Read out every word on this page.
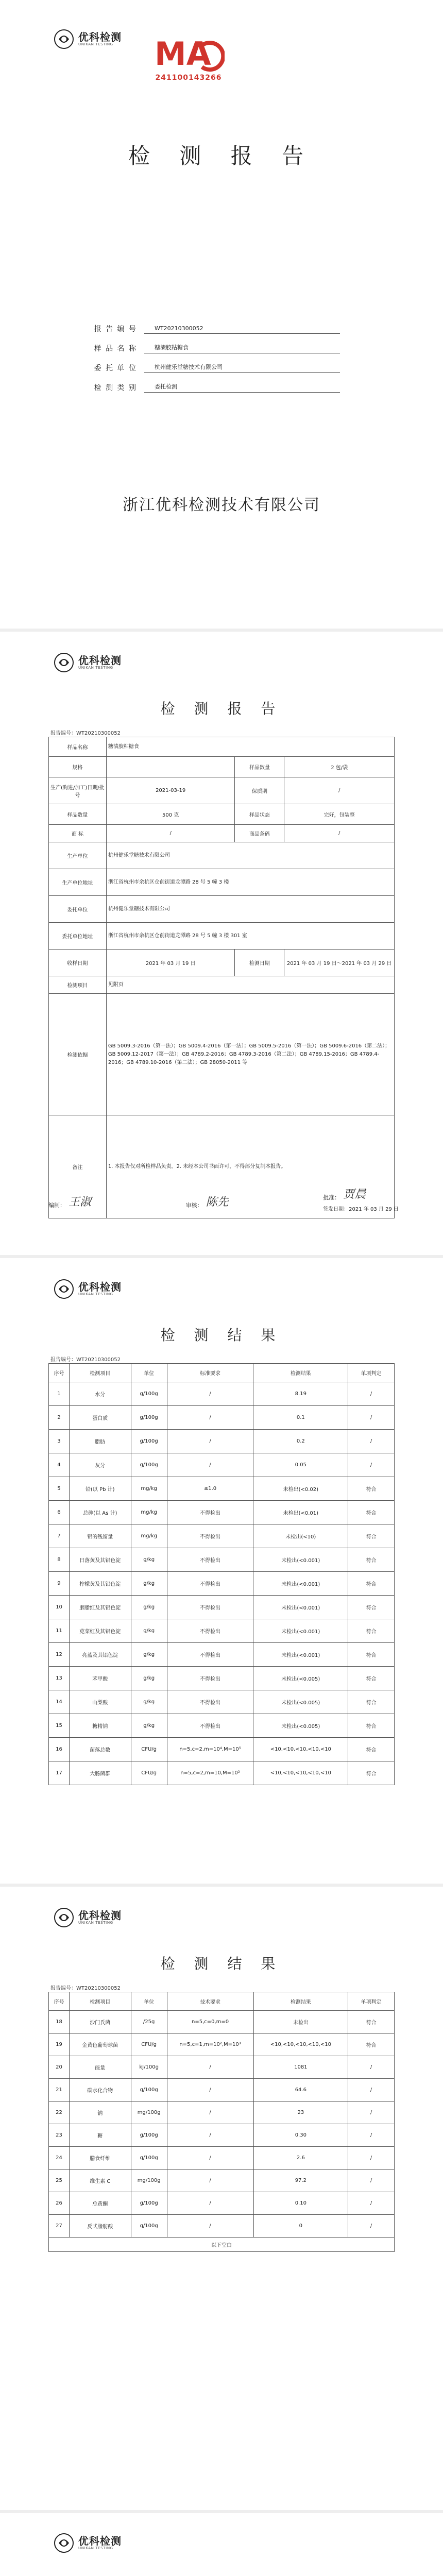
优科检测
UNIKAN TESTING MA
241100143266
检 测 报 告
报 告 编 号	WT20210300052
样 品 名 称	糖渍胶粘糖食
委 托 单 位	杭州健乐堂糖技术有限公司
检 测 类 别	委托检测
浙江优科检测技术有限公司
优科检测
UNIKAN TESTING
检 测 报 告
报告编号：WT20210300052
样品名称	糖渍胶粘糖食		
规格		样品数量	2 包/袋
生产(购进/加工)日期/批号	2021-03-19	保质期	/
样品数量	500 克	样品状态	完好，包装整
商 标	/	商品条码	/
生产单位	杭州健乐堂糖技术有限公司		
生产单位地址	浙江省杭州市余杭区仓前街道龙潭路 28 号 5 幢 3 楼		
委托单位	杭州健乐堂糖技术有限公司		
委托单位地址	浙江省杭州市余杭区仓前街道龙潭路 28 号 5 幢 3 楼 301 室		
收样日期	2021 年 03 月 19 日	检测日期	2021 年 03 月 19 日～2021 年 03 月 29 日
检测项目	见附页		
检测依据	GB 5009.3-2016（第一法）；GB 5009.4-2016（第一法）；GB 5009.5-2016（第一法）；GB 5009.6-2016（第二法）；GB 5009.12-2017（第一法）；GB 4789.2-2016；GB 4789.3-2016（第二法）；GB 4789.15-2016；GB 4789.4-2016；GB 4789.10-2016（第二法）；GB 28050-2011 等		
备注	1. 本报告仅对所检样品负责。2. 未经本公司书面许可，不得部分复制本报告。		
编制： 王淑	审核： 陈先	批准： 贾晨
签发日期：2021 年 03 月 29 日
优科检测
UNIKAN TESTING
检 测 结 果
报告编号：WT20210300052
序号	检测项目	单位	标准要求	检测结果	单项判定
1	水分	g/100g	/	8.19	/
2	蛋白质	g/100g	/	0.1	/
3	脂肪	g/100g	/	0.2	/
4	灰分	g/100g	/	0.05	/
5	铅(以 Pb 计)	mg/kg	≤1.0	未检出(<0.02)	符合
6	总砷(以 As 计)	mg/kg	不得检出	未检出(<0.01)	符合
7	铝的残留量	mg/kg	不得检出	未检出(<10)	符合
8	日落黄及其铝色淀	g/kg	不得检出	未检出(<0.001)	符合
9	柠檬黄及其铝色淀	g/kg	不得检出	未检出(<0.001)	符合
10	胭脂红及其铝色淀	g/kg	不得检出	未检出(<0.001)	符合
11	苋菜红及其铝色淀	g/kg	不得检出	未检出(<0.001)	符合
12	亮蓝及其铝色淀	g/kg	不得检出	未检出(<0.001)	符合
13	苯甲酸	g/kg	不得检出	未检出(<0.005)	符合
14	山梨酸	g/kg	不得检出	未检出(<0.005)	符合
15	糖精钠	g/kg	不得检出	未检出(<0.005)	符合
16	菌落总数	CFU/g	n=5,c=2,m=10⁴,M=10⁵	<10,<10,<10,<10,<10	符合
17	大肠菌群	CFU/g	n=5,c=2,m=10,M=10²	<10,<10,<10,<10,<10	符合
优科检测
UNIKAN TESTING
检 测 结 果
报告编号：WT20210300052
序号	检测项目	单位	技术要求	检测结果	单项判定
18	沙门氏菌	/25g	n=5,c=0,m=0	未检出	符合
19	金黄色葡萄球菌	CFU/g	n=5,c=1,m=10²,M=10³	<10,<10,<10,<10,<10	符合
20	能量	kJ/100g	/	1081	/
21	碳水化合物	g/100g	/	64.6	/
22	钠	mg/100g	/	23	/
23	糖	g/100g	/	0.30	/
24	膳食纤维	g/100g	/	2.6	/
25	维生素 C	mg/100g	/	97.2	/
26	总黄酮	g/100g	/	0.10	/
27	反式脂肪酸	g/100g	/	0	/
以下空白					
优科检测
UNIKAN TESTING
